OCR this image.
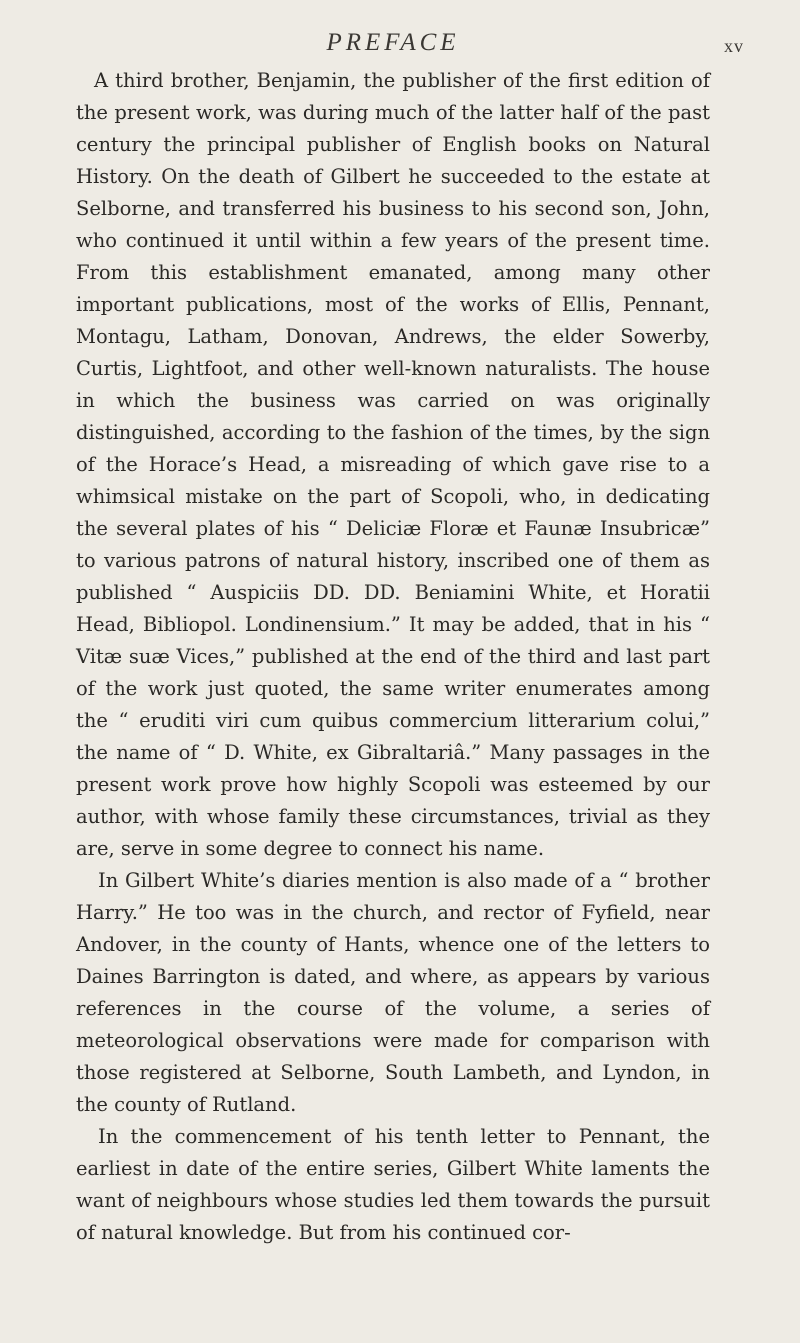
PREFACE	xv

A third brother, Benjamin, the publisher of the first edition of the present work, was during much of the latter half of the past century the principal publisher of English books on Natural History. On the death of Gilbert he succeeded to the estate at Selborne, and transferred his business to his second son, John, who continued it until within a few years of the present time. From this establishment emanated, among many other important publications, most of the works of Ellis, Pennant, Montagu, Latham, Donovan, Andrews, the elder Sowerby, Curtis, Lightfoot, and other well-known naturalists. The house in which the business was carried on was originally distinguished, according to the fashion of the times, by the sign of the Horace’s Head, a misreading of which gave rise to a whimsical mistake on the part of Scopoli, who, in dedicating the several plates of his “ Deliciæ Floræ et Faunæ Insubricæ” to various patrons of natural history, inscribed one of them as published “ Auspiciis DD. DD. Beniamini White, et Horatii Head, Bibliopol. Londinensium.” It may be added, that in his “ Vitæ suæ Vices,” published at the end of the third and last part of the work just quoted, the same writer enumerates among the “ eruditi viri cum quibus commercium litterarium colui,” the name of “ D. White, ex Gibraltariâ.” Many passages in the present work prove how highly Scopoli was esteemed by our author, with whose family these circumstances, trivial as they are, serve in some degree to connect his name.

In Gilbert White’s diaries mention is also made of a “ brother Harry.” He too was in the church, and rector of Fyfield, near Andover, in the county of Hants, whence one of the letters to Daines Barrington is dated, and where, as appears by various references in the course of the volume, a series of meteorological observations were made for comparison with those registered at Selborne, South Lambeth, and Lyndon, in the county of Rutland.

In the commencement of his tenth letter to Pennant, the earliest in date of the entire series, Gilbert White laments the want of neighbours whose studies led them towards the pursuit of natural knowledge. But from his continued cor-
